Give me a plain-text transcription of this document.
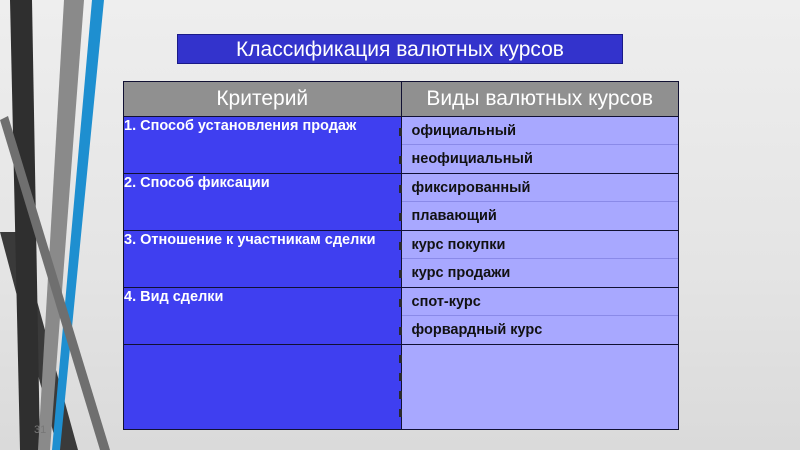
Классификация валютных курсов
Критерий	Виды валютных курсов
1. Способ установления продаж	официальный
неофициальный

2. Способ фиксации	фиксированный
плавающий

3. Отношение к участникам сделки	курс покупки
курс продажи

4. Вид сделки	спот-курс
форвардный курс

31
